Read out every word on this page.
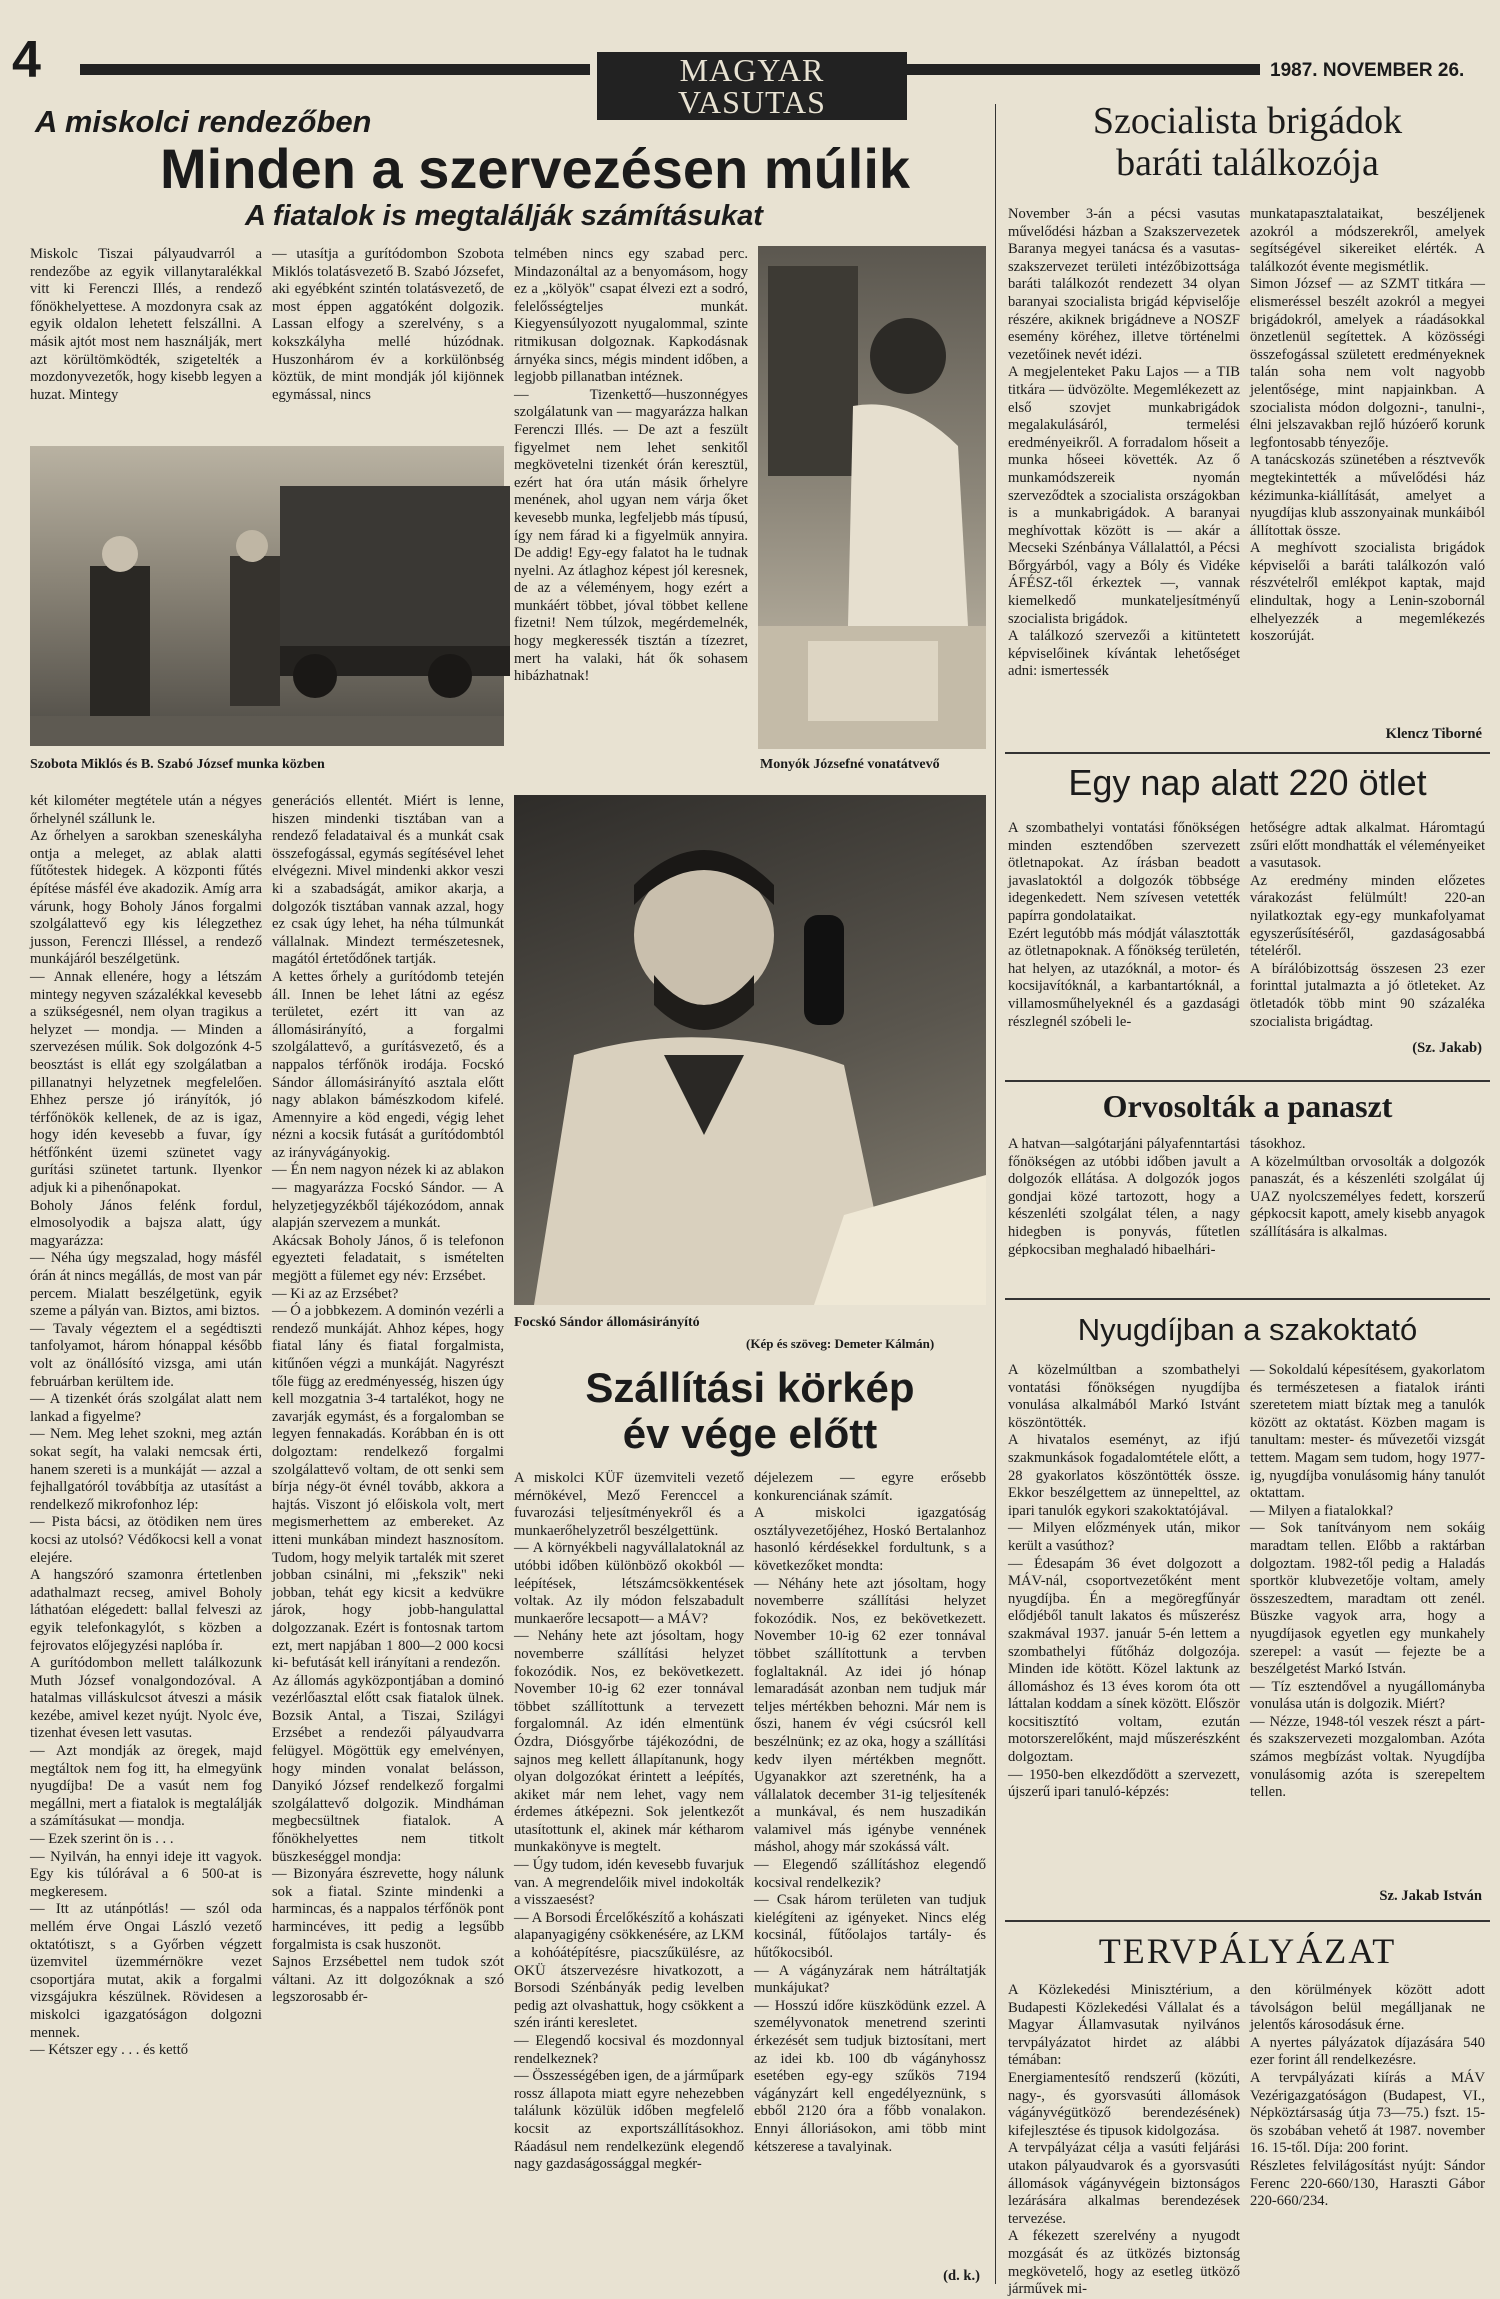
4	MAGYAR VASUTAS
1987. NOVEMBER 26.
A miskolci rendezőben
Minden a szervezésen múlik
A fiatalok is megtalálják számításukat
Miskolc Tiszai pályaudvarról a rendezőbe az egyik villanytaralékkal vitt ki Ferenczi Illés, a rendező főnökhelyettese. A mozdonyra csak az egyik oldalon lehetett felszállni. A másik ajtót most nem használják, mert azt körültömködték, szigetelték a mozdonyvezetők, hogy kisebb legyen a huzat. Mintegy
— utasítja a gurítódombon Szobota Miklós tolatásvezető B. Szabó Józsefet, aki egyébként szintén tolatásvezető, de most éppen aggatóként dolgozik. Lassan elfogy a szerelvény, s a kokszkályha mellé húzódnak. Huszonhárom év a korkülönbség köztük, de mint mondják jól kijönnek egymással, nincs
telmében nincs egy szabad perc. Mindazonáltal az a benyomásom, hogy ez a „kölyök" csapat élvezi ezt a sodró, felelősségteljes munkát. Kiegyensúlyozott nyugalommal, szinte ritmikusan dolgoznak. Kapkodásnak árnyéka sincs, mégis mindent időben, a legjobb pillanatban intéznek.
— Tizenkettő—huszonnégyes szolgálatunk van — magyarázza halkan Ferenczi Illés. — De azt a feszült figyelmet nem lehet senkitől megkövetelni tizenkét órán keresztül, ezért hat óra után másik őrhelyre menének, ahol ugyan nem várja őket kevesebb munka, legfeljebb más típusú, így nem fárad ki a figyelmük annyira. De addig! Egy-egy falatot ha le tudnak nyelni. Az átlaghoz képest jól keresnek, de az a véleményem, hogy ezért a munkáért többet, jóval többet kellene fizetni! Nem túlzok, megérdemelnék, hogy megkeressék tisztán a tízezret, mert ha valaki, hát ők sohasem hibázhatnak!
Szobota Miklós és B. Szabó József munka közben	Monyók Józsefné vonatátvevő
két kilométer megtétele után a négyes őrhelynél szállunk le.
Az őrhelyen a sarokban szeneskályha ontja a meleget, az ablak alatti fűtőtestek hidegek. A központi fűtés építése másfél éve akadozik. Amíg arra várunk, hogy Boholy János forgalmi szolgálattevő egy kis lélegzethez jusson, Ferenczi Illéssel, a rendező munkájáról beszélgetünk.
— Annak ellenére, hogy a létszám mintegy negyven százalékkal kevesebb a szükségesnél, nem olyan tragikus a helyzet — mondja. — Minden a szervezésen múlik. Sok dolgozónk 4-5 beosztást is ellát egy szolgálatban a pillanatnyi helyzetnek megfelelően. Ehhez persze jó irányítók, jó térfőnökök kellenek, de az is igaz, hogy idén kevesebb a fuvar, így hétfőnként üzemi szünetet vagy gurítási szünetet tartunk. Ilyenkor adjuk ki a pihenőnapokat.
Boholy János felénk fordul, elmosolyodik a bajsza alatt, úgy magyarázza:
— Néha úgy megszalad, hogy másfél órán át nincs megállás, de most van pár percem. Mialatt beszélgetünk, egyik szeme a pályán van. Biztos, ami biztos.
— Tavaly végeztem el a segédtiszti tanfolyamot, három hónappal később volt az önállósító vizsga, ami után februárban kerültem ide.
— A tizenkét órás szolgálat alatt nem lankad a figyelme?
— Nem. Meg lehet szokni, meg aztán sokat segít, ha valaki nemcsak érti, hanem szereti is a munkáját — azzal a fejhallgatóról továbbítja az utasítást a rendelkező mikrofonhoz lép:
— Pista bácsi, az ötödiken nem üres kocsi az utolsó? Védőkocsi kell a vonat elejére.
A hangszóró szamonra értetlenben adathalmazt recseg, amivel Boholy láthatóan elégedett: ballal felveszi az egyik telefonkagylót, s közben a fejrovatos előjegyzési naplóba ír.
A gurítódombon mellett találkozunk Muth József vonalgondozóval. A hatalmas villáskulcsot átveszi a másik kezébe, amivel kezet nyújt. Nyolc éve, tizenhat évesen lett vasutas.
— Azt mondják az öregek, majd megtáltok nem fog itt, ha elmegyünk nyugdíjba! De a vasút nem fog megállni, mert a fiatalok is megtalálják a számításukat — mondja.
— Ezek szerint ön is . . .
— Nyilván, ha ennyi ideje itt vagyok. Egy kis túlórával a 6 500-at is megkeresem.
— Itt az utánpótlás! — szól oda mellém érve Ongai László vezető oktatótiszt, s a Győrben végzett üzemvitel üzemmérnökre vezet csoportjára mutat, akik a forgalmi vizsgájukra készülnek. Rövidesen a miskolci igazgatóságon dolgozni mennek.
— Kétszer egy . . . és kettő
generációs ellentét. Miért is lenne, hiszen mindenki tisztában van a rendező feladataival és a munkát csak összefogással, egymás segítésével lehet elvégezni. Mivel mindenki akkor veszi ki a szabadságát, amikor akarja, a dolgozók tisztában vannak azzal, hogy ez csak úgy lehet, ha néha túlmunkát vállalnak. Mindezt természetesnek, magától értetődőnek tartják.
A kettes őrhely a gurítódomb tetején áll. Innen be lehet látni az egész területet, ezért itt van az állomásirányító, a forgalmi szolgálattevő, a gurításvezető, és a nappalos térfőnök irodája. Focskó Sándor állomásirányító asztala előtt nagy ablakon bámészkodom kifelé. Amennyire a köd engedi, végig lehet nézni a kocsik futását a gurítódombtól az irányvágányokig.
— Én nem nagyon nézek ki az ablakon — magyarázza Focskó Sándor. — A helyzetjegyzékből tájékozódom, annak alapján szervezem a munkát.
Akácsak Boholy János, ő is telefonon egyezteti feladatait, s ismételten megjött a fülemet egy név: Erzsébet.
— Ki az az Erzsébet?
— Ó a jobbkezem. A dominón vezérli a rendező munkáját. Ahhoz képes, hogy fiatal lány és fiatal forgalmista, kitűnően végzi a munkáját. Nagyrészt tőle függ az eredményesség, hiszen úgy kell mozgatnia 3-4 tartalékot, hogy ne zavarják egymást, és a forgalomban se legyen fennakadás. Korábban én is ott dolgoztam: rendelkező forgalmi szolgálattevő voltam, de ott senki sem bírja négy-öt évnél tovább, akkora a hajtás. Viszont jó előiskola volt, mert megismerhettem az embereket. Az itteni munkában mindezt hasznosítom. Tudom, hogy melyik tartalék mit szeret jobban csinálni, mi „fekszik" neki jobban, tehát egy kicsit a kedvükre járok, hogy jobb-hangulattal dolgozzanak. Ezért is fontosnak tartom ezt, mert napjában 1 800—2 000 kocsi ki- befutását kell irányítani a rendezőn.
Az állomás agyközpontjában a dominó vezérlőasztal előtt csak fiatalok ülnek. Bozsik Antal, a Tiszai, Szilágyi Erzsébet a rendezői pályaudvarra felügyel. Mögöttük egy emelvényen, hogy minden vonalat belásson, Danyikó József rendelkező forgalmi szolgálattevő dolgozik. Mindháman megbecsültnek fiatalok. A főnökhelyettes nem titkolt büszkeséggel mondja:
— Bizonyára észrevette, hogy nálunk sok a fiatal. Szinte mindenki a harmincas, és a nappalos térfőnök pont harmincéves, itt pedig a legsűbb forgalmista is csak huszonöt.
Sajnos Erzsébettel nem tudok szót váltani. Az itt dolgozóknak a szó legszorosabb ér-
Focskó Sándor állomásirányító
(Kép és szöveg: Demeter Kálmán)
Szállítási körkép
év vége előtt
A miskolci KÜF üzemviteli vezető mérnökével, Mező Ferenccel a fuvarozási teljesítményekről és a munkaerőhelyzetről beszélgettünk.
— A környékbeli nagyvállalatoknál az utóbbi időben különböző okokból — leépítések, létszámcsökkentések voltak. Az ily módon felszabadult munkaerőre lecsapott— a MÁV?
— Nehány hete azt jósoltam, hogy novemberre szállítási helyzet fokozódik. Nos, ez bekövetkezett. November 10-ig 62 ezer tonnával többet szállítottunk a tervezett forgalomnál. Az idén elmentünk Ózdra, Diósgyőrbe tájékozódni, de sajnos meg kellett állapítanunk, hogy olyan dolgozókat érintett a leépítés, akiket már nem lehet, vagy nem érdemes átképezni. Sok jelentkezőt utasítottunk el, akinek már kétharom munkakönyve is megtelt.
— Úgy tudom, idén kevesebb fuvarjuk van. A megrendelőik mivel indokolták a visszaesést?
— A Borsodi Ércelőkészítő a kohászati alapanyagigény csökkenésére, az LKM a kohóátépítésre, piacszűkülésre, az OKÜ átszervezésre hivatkozott, a Borsodi Szénbányák pedig levelben pedig azt olvashattuk, hogy csökkent a szén iránti keresletet.
— Elegendő kocsival és mozdonnyal rendelkeznek?
— Összességében igen, de a járműpark rossz állapota miatt egyre nehezebben találunk közülük időben megfelelő kocsit az exportszállításokhoz. Ráadásul nem rendelkezünk elegendő nagy gazdaságossággal megkér-
déjelezem — egyre erősebb konkurenciának számít.
A miskolci igazgatóság osztályvezetőjéhez, Hoskó Bertalanhoz hasonló kérdésekkel fordultunk, s a következőket mondta:
— Néhány hete azt jósoltam, hogy novemberre szállítási helyzet fokozódik. Nos, ez bekövetkezett. November 10-ig 62 ezer tonnával többet szállítottunk a tervben foglaltaknál. Az idei jó hónap lemaradását azonban nem tudjuk már teljes mértékben behozni. Már nem is őszi, hanem év végi csúcsról kell beszélnünk; ez az oka, hogy a szállítási kedv ilyen mértékben megnőtt. Ugyanakkor azt szeretnénk, ha a vállalatok december 31-ig teljesítenék a munkával, és nem huszadikán valamivel más igénybe vennének máshol, ahogy már szokássá vált.
— Elegendő szállításhoz elegendő kocsival rendelkezik?
— Csak három területen van tudjuk kielégíteni az igényeket. Nincs elég kocsinál, fűtőolajos tartály- és hűtőkocsiból.
— A vágányzárak nem hátráltatják munkájukat?
— Hosszú időre küszködünk ezzel. A személyvonatok menetrend szerinti érkezését sem tudjuk biztosítani, mert az idei kb. 100 db vágányhossz esetében egy-egy szűkös 7194 vágányzárt kell engedélyeznünk, s ebből 2120 óra a főbb vonalakon. Ennyi álloriásokon, ami több mint kétszerese a tavalyinak.
(d. k.)
Szocialista brigádok
baráti találkozója
November 3-án a pécsi vasutas művelődési házban a Szakszervezetek Baranya megyei tanácsa és a vasutas-szakszervezet területi intézőbizottsága baráti találkozót rendezett 34 olyan baranyai szocialista brigád képviselője részére, akiknek brigádneve a NOSZF esemény köréhez, illetve történelmi vezetőinek nevét idézi.
A megjelenteket Paku Lajos — a TIB titkára — üdvözölte. Megemlékezett az első szovjet munkabrigádok megalakulásáról, termelési eredményeikről. A forradalom hőseit a munka hőseei követték. Az ő munkamódszereik nyomán szerveződtek a szocialista országokban is a munkabrigádok. A baranyai meghívottak között is — akár a Mecseki Szénbánya Vállalattól, a Pécsi Bőrgyárból, vagy a Bóly és Vidéke ÁFÉSZ-től érkeztek —, vannak kiemelkedő munkateljesítményű szocialista brigádok.
A találkozó szervezői a kitüntetett képviselőinek kívántak lehetőséget adni: ismertessék
munkatapasztalataikat, beszéljenek azokról a módszerekről, amelyek segítségével sikereiket elérték. A találkozót évente megismétlik.
Simon József — az SZMT titkára — elismeréssel beszélt azokról a megyei brigádokról, amelyek a ráadásokkal önzetlenül segítettek. A közösségi összefogással született eredményeknek talán soha nem volt nagyobb jelentősége, mint napjainkban. A szocialista módon dolgozni-, tanulni-, élni jelszavakban rejlő húzóerő korunk legfontosabb tényezője.
A tanácskozás szünetében a résztvevők megtekintették a művelődési ház kézimunka-kiállítását, amelyet a nyugdíjas klub asszonyainak munkáiból állítottak össze.
A meghívott szocialista brigádok képviselői a baráti találkozón való részvételről emlékpot kaptak, majd elindultak, hogy a Lenin-szobornál elhelyezzék a megemlékezés koszorúját.
Klencz Tiborné
Egy nap alatt 220 ötlet
A szombathelyi vontatási főnökségen minden esztendőben szervezett ötletnapokat. Az írásban beadott javaslatoktól a dolgozók többsége idegenkedett. Nem szívesen vetették papírra gondolataikat.
Ezért legutóbb más módját választották az ötletnapoknak. A főnökség területén, hat helyen, az utazóknál, a motor- és kocsijavítóknál, a karbantartóknál, a villamosműhelyeknél és a gazdasági részlegnél szóbeli le-
hetőségre adtak alkalmat. Háromtagú zsűri előtt mondhatták el véleményeiket a vasutasok.
Az eredmény minden előzetes várakozást felülmúlt! 220-an nyilatkoztak egy-egy munkafolyamat egyszerűsítéséről, gazdaságosabbá tételéről.
A bírálóbizottság összesen 23 ezer forinttal jutalmazta a jó ötleteket. Az ötletadók több mint 90 százaléka szocialista brigádtag.
(Sz. Jakab)
Orvosolták a panaszt
A hatvan—salgótarjáni pályafenntartási főnökségen az utóbbi időben javult a dolgozók ellátása. A dolgozók jogos gondjai közé tartozott, hogy a készenléti szolgálat télen, a nagy hidegben is ponyvás, fűtetlen gépkocsiban meghaladó hibaelhári-
tásokhoz.
A közelmúltban orvosolták a dolgozók panaszát, és a készenléti szolgálat új UAZ nyolcszemélyes fedett, korszerű gépkocsit kapott, amely kisebb anyagok szállítására is alkalmas.
Nyugdíjban a szakoktató
A közelmúltban a szombathelyi vontatási főnökségen nyugdíjba vonulása alkalmából Markó Istvánt köszöntötték.
A hivatalos eseményt, az ifjú szakmunkások fogadalomtétele előtt, a 28 gyakorlatos köszöntötték össze. Ekkor beszélgettem az ünnepelttel, az ipari tanulók egykori szakoktatójával.
— Milyen előzmények után, mikor került a vasúthoz?
— Édesapám 36 évet dolgozott a MÁV-nál, csoportvezetőként ment nyugdíjba. Én a megöregfűnyár elődjéből tanult lakatos és műszerész szakmával 1937. január 5-én lettem a szombathelyi fűtőház dolgozója. Minden ide kötött. Közel laktunk az állomáshoz és 13 éves korom óta ott láttalan koddam a sínek között. Először kocsitisztító voltam, ezután motorszerelőként, majd műszerészként dolgoztam.
— 1950-ben elkezdődött a szervezett, újszerű ipari tanuló-képzés:
— Sokoldalú képesítésem, gyakorlatom és természetesen a fiatalok iránti szeretetem miatt bíztak meg a tanulók között az oktatást. Közben magam is tanultam: mester- és művezetői vizsgát tettem. Magam sem tudom, hogy 1977-ig, nyugdíjba vonulásomig hány tanulót oktattam.
— Milyen a fiatalokkal?
— Sok tanítványom nem sokáig maradtam tellen. Előbb a raktárban dolgoztam. 1982-től pedig a Haladás sportkör klubvezetője voltam, amely összeszedtem, maradtam ott zenél. Büszke vagyok arra, hogy a nyugdíjasok egyetlen egy munkahely szerepel: a vasút — fejezte be a beszélgetést Markó István.
— Tíz esztendővel a nyugállományba vonulása után is dolgozik. Miért?
— Nézze, 1948-tól veszek részt a párt- és szakszervezeti mozgalomban. Azóta számos megbízást voltak. Nyugdíjba vonulásomig azóta is szerepeltem tellen.
Sz. Jakab István
TERVPÁLYÁZAT
A Közlekedési Minisztérium, a Budapesti Közlekedési Vállalat és a Magyar Államvasutak nyilvános tervpályázatot hirdet az alábbi témában:
Energiamentesítő rendszerű (közúti, nagy-, és gyorsvasúti állomások vágányvégütköző berendezésének) kifejlesztése és tipusok kidolgozása.
A tervpályázat célja a vasúti feljárási utakon pályaudvarok és a gyorsvasúti állomások vágányvégein biztonságos lezárására alkalmas berendezések tervezése.
A fékezett szerelvény a nyugodt mozgását és az ütközés biztonság megkövetelő, hogy az esetleg ütköző járművek mi-
den körülmények között adott távolságon belül megálljanak ne jelentős károsodásuk érne.
A nyertes pályázatok díjazására 540 ezer forint áll rendelkezésre.
A tervpályázati kiírás a MÁV Vezérigazgatóságon (Budapest, VI., Népköztársaság útja 73—75.) fszt. 15-ös szobában vehető át 1987. november 16. 15-től. Díja: 200 forint.
Részletes felvilágosítást nyújt: Sándor Ferenc 220-660/130, Haraszti Gábor 220-660/234.
